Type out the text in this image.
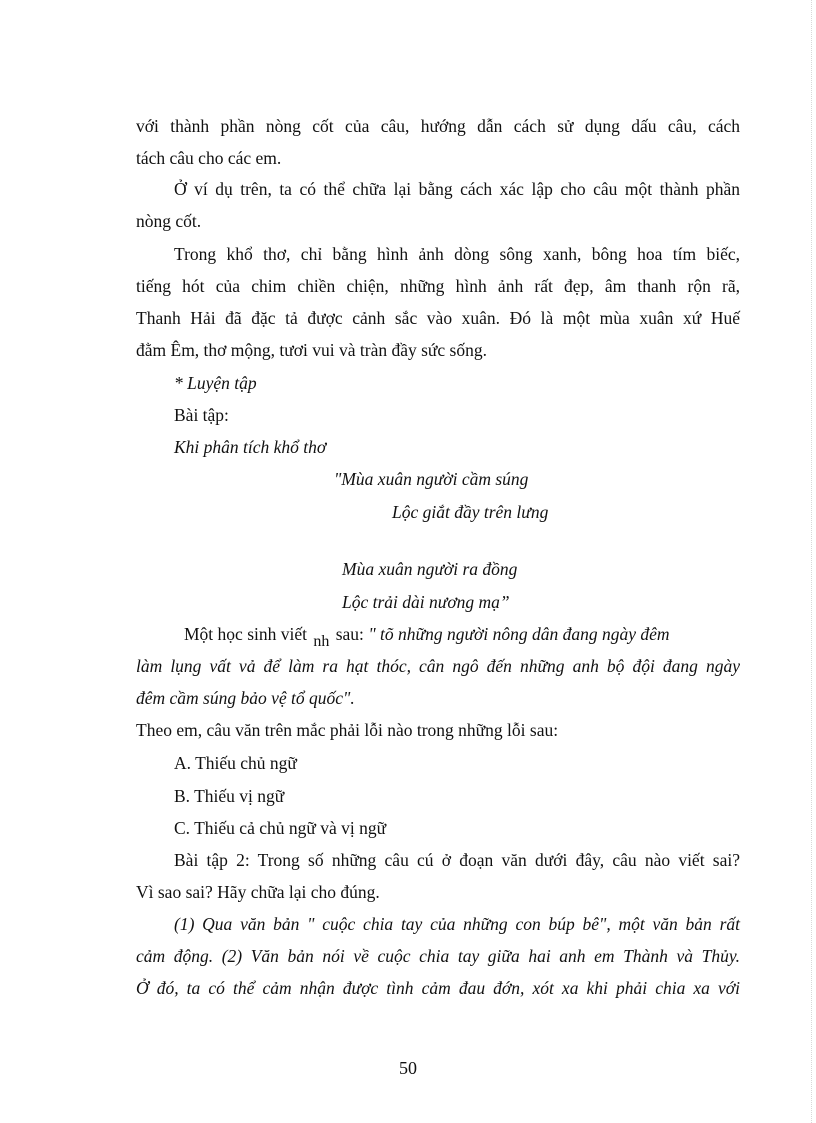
với thành phần nòng cốt của câu, hướng dẫn cách sử dụng dấu câu, cách

tách câu cho các em.

Ở ví dụ trên, ta có thể chữa lại bằng cách xác lập cho câu một thành phần

nòng cốt.

Trong khổ thơ, chỉ bằng hình ảnh dòng sông xanh, bông hoa tím biếc,

tiếng hót của chim chiền chiện, những hình ảnh rất đẹp, âm thanh rộn rã,

Thanh Hải đã đặc tả được cảnh sắc vào xuân. Đó là một mùa xuân xứ Huế

đằm Êm, thơ mộng, tươi vui và tràn đầy sức sống.

* Luyện tập

Bài tập:

Khi phân tích khổ thơ

"Mùa xuân người cầm súng

Lộc giắt đầy trên lưng

Mùa xuân người ra đồng

Lộc trải dài nương mạ”

Một học sinh viết nh sau: " tõ những người nông dân đang ngày đêm

làm lụng vất vả để làm ra hạt thóc, cân ngô đến những anh bộ đội đang ngày

đêm cầm súng bảo vệ tổ quốc".

Theo em, câu văn trên mắc phải lỗi nào trong những lỗi sau:

A. Thiếu chủ ngữ

B. Thiếu vị ngữ

C. Thiếu cả chủ ngữ và vị ngữ

Bài tập 2: Trong số những câu cú ở đoạn văn dưới đây, câu nào viết sai?

Vì sao sai? Hãy chữa lại cho đúng.

(1) Qua văn bản " cuộc chia tay của những con búp bê", một văn bản rất

cảm động. (2) Văn bản nói về cuộc chia tay giữa hai anh em Thành và Thủy.

Ở đó, ta có thể cảm nhận được tình cảm đau đớn, xót xa khi phải chia xa với

50
